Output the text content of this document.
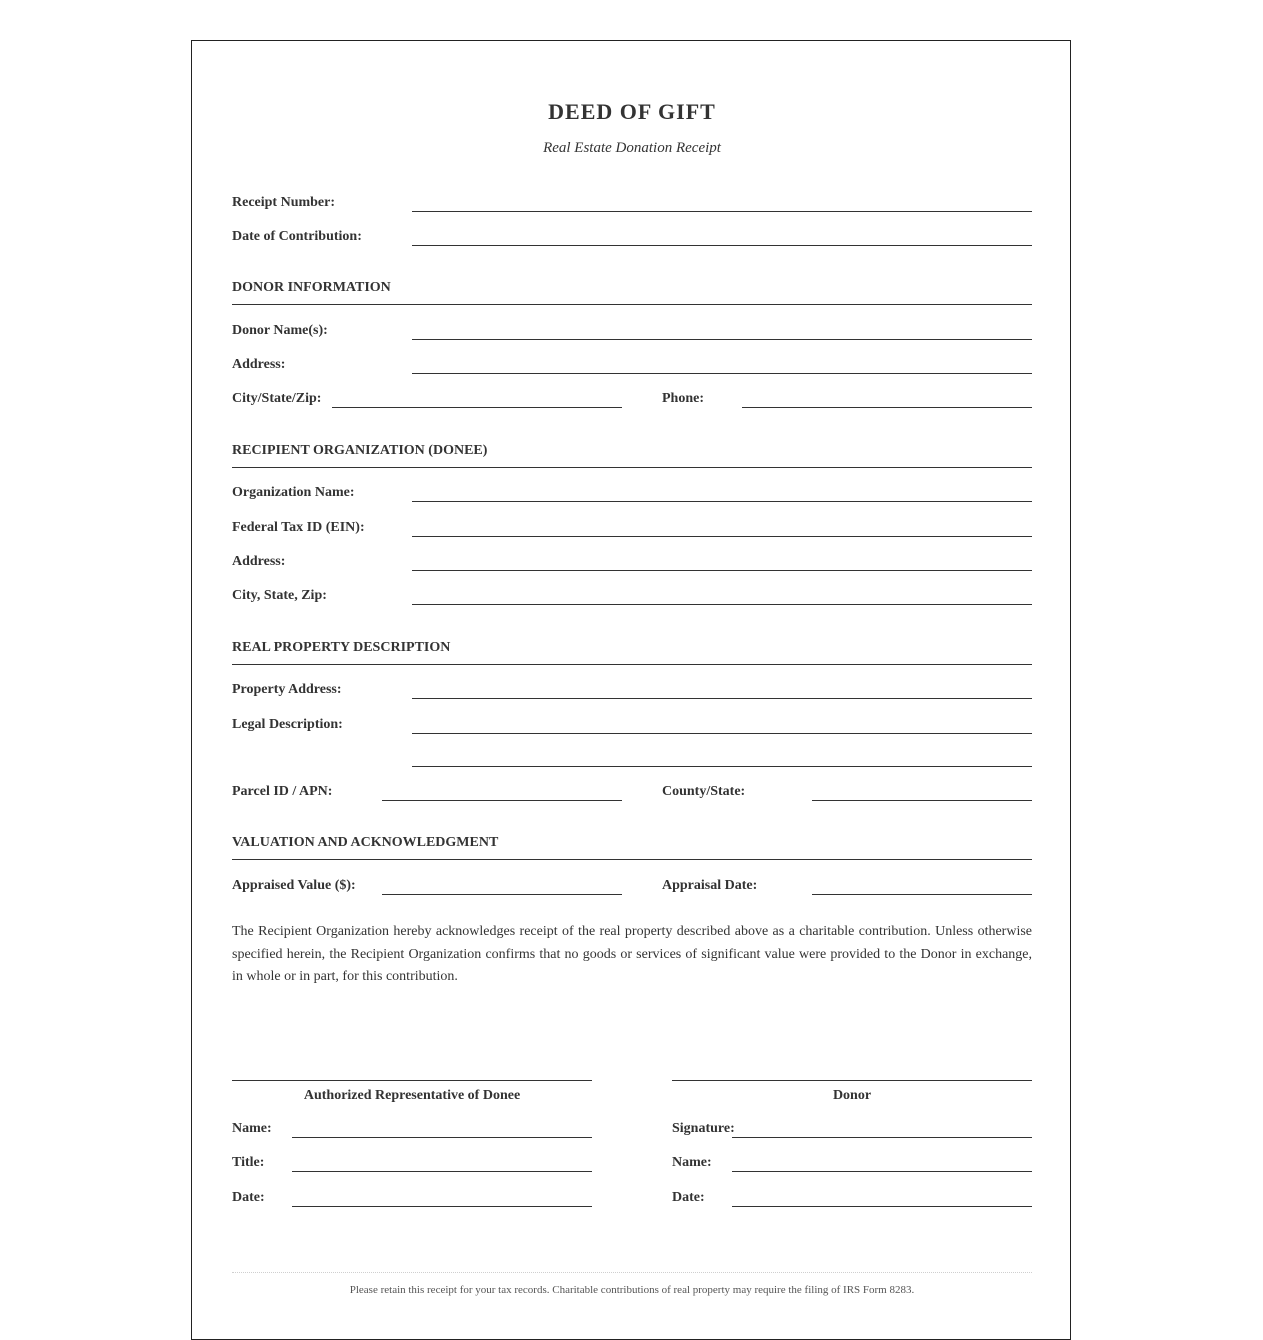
DEED OF GIFT
Real Estate Donation Receipt
Receipt Number:
Date of Contribution:
DONOR INFORMATION
Donor Name(s):
Address:
City/State/Zip:	Phone:
RECIPIENT ORGANIZATION (DONEE)
Organization Name:
Federal Tax ID (EIN):
Address:
City, State, Zip:
REAL PROPERTY DESCRIPTION
Property Address:
Legal Description:
Parcel ID / APN:	County/State:
VALUATION AND ACKNOWLEDGMENT
Appraised Value ($):	Appraisal Date:
The Recipient Organization hereby acknowledges receipt of the real property described above as a charitable contribution. Unless otherwise specified herein, the Recipient Organization confirms that no goods or services of significant value were provided to the Donor in exchange, in whole or in part, for this contribution.
Authorized Representative of Donee
Name:
Title:
Date:
Donor
Signature:
Name:
Date:
Please retain this receipt for your tax records. Charitable contributions of real property may require the filing of IRS Form 8283.
